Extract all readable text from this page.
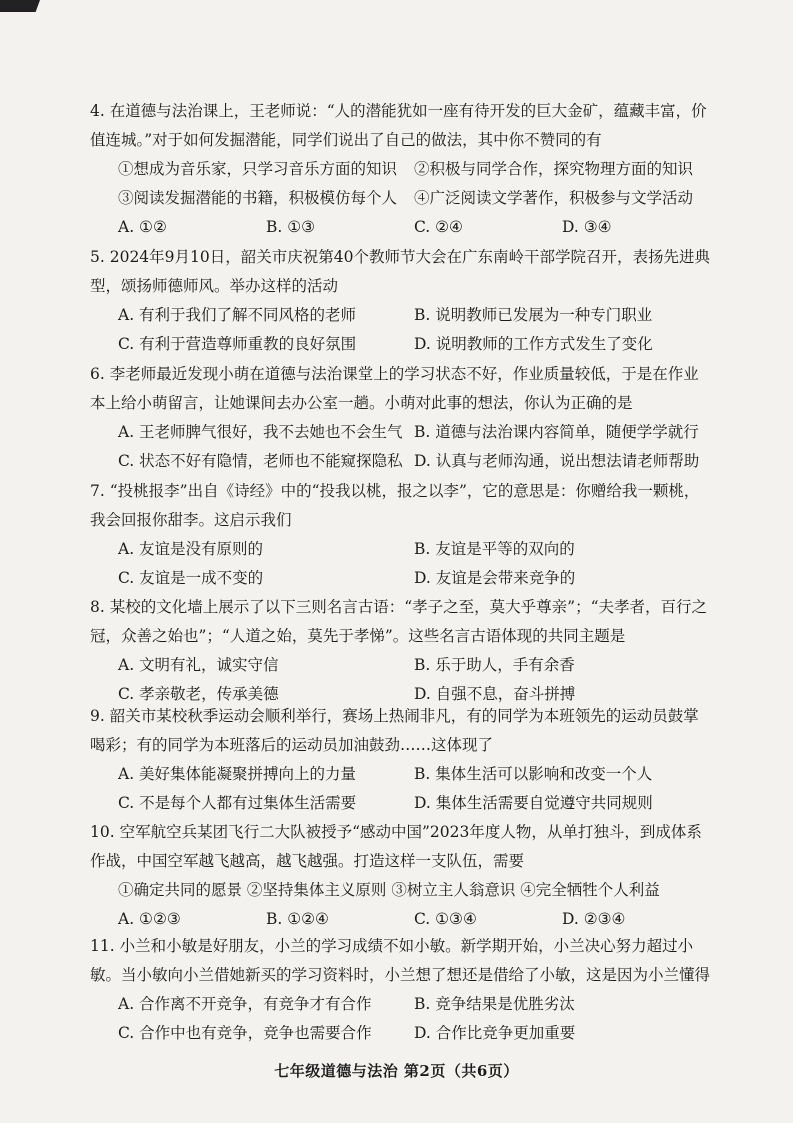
4. 在道德与法治课上，王老师说：“人的潜能犹如一座有待开发的巨大金矿，蕴藏丰富，价值连城。”对于如何发掘潜能，同学们说出了自己的做法，其中你不赞同的有

①想成为音乐家，只学习音乐方面的知识	②积极与同学合作，探究物理方面的知识
③阅读发掘潜能的书籍，积极模仿每个人	④广泛阅读文学著作，积极参与文学活动
A. ①②	B. ①③	C. ②④	D. ③④

5. 2024年9月10日，韶关市庆祝第40个教师节大会在广东南岭干部学院召开，表扬先进典型，颂扬师德师风。举办这样的活动

A. 有利于我们了解不同风格的老师	B. 说明教师已发展为一种专门职业
C. 有利于营造尊师重教的良好氛围	D. 说明教师的工作方式发生了变化

6. 李老师最近发现小萌在道德与法治课堂上的学习状态不好，作业质量较低，于是在作业本上给小萌留言，让她课间去办公室一趟。小萌对此事的想法，你认为正确的是

A. 王老师脾气很好，我不去她也不会生气 B. 道德与法治课内容简单，随便学学就行
C. 状态不好有隐情，老师也不能窥探隐私 D. 认真与老师沟通，说出想法请老师帮助

7. “投桃报李”出自《诗经》中的“投我以桃，报之以李”，它的意思是：你赠给我一颗桃，我会回报你甜李。这启示我们

A. 友谊是没有原则的	B. 友谊是平等的双向的
C. 友谊是一成不变的	D. 友谊是会带来竞争的

8. 某校的文化墙上展示了以下三则名言古语：“孝子之至，莫大乎尊亲”；“夫孝者，百行之冠，众善之始也”；“人道之始，莫先于孝悌”。这些名言古语体现的共同主题是

A. 文明有礼，诚实守信	B. 乐于助人，手有余香
C. 孝亲敬老，传承美德	D. 自强不息，奋斗拼搏

9. 韶关市某校秋季运动会顺利举行，赛场上热闹非凡，有的同学为本班领先的运动员鼓掌喝彩；有的同学为本班落后的运动员加油鼓劲……这体现了

A. 美好集体能凝聚拼搏向上的力量	B. 集体生活可以影响和改变一个人
C. 不是每个人都有过集体生活需要	D. 集体生活需要自觉遵守共同规则

10. 空军航空兵某团飞行二大队被授予“感动中国”2023年度人物，从单打独斗，到成体系作战，中国空军越飞越高，越飞越强。打造这样一支队伍，需要

①确定共同的愿景 ②坚持集体主义原则 ③树立主人翁意识 ④完全牺牲个人利益
A. ①②③	B. ①②④	C. ①③④	D. ②③④

11. 小兰和小敏是好朋友，小兰的学习成绩不如小敏。新学期开始，小兰决心努力超过小敏。当小敏向小兰借她新买的学习资料时，小兰想了想还是借给了小敏，这是因为小兰懂得

A. 合作离不开竞争，有竞争才有合作	B. 竞争结果是优胜劣汰
C. 合作中也有竞争，竞争也需要合作	D. 合作比竞争更加重要
七年级道德与法治 第2页（共6页）
